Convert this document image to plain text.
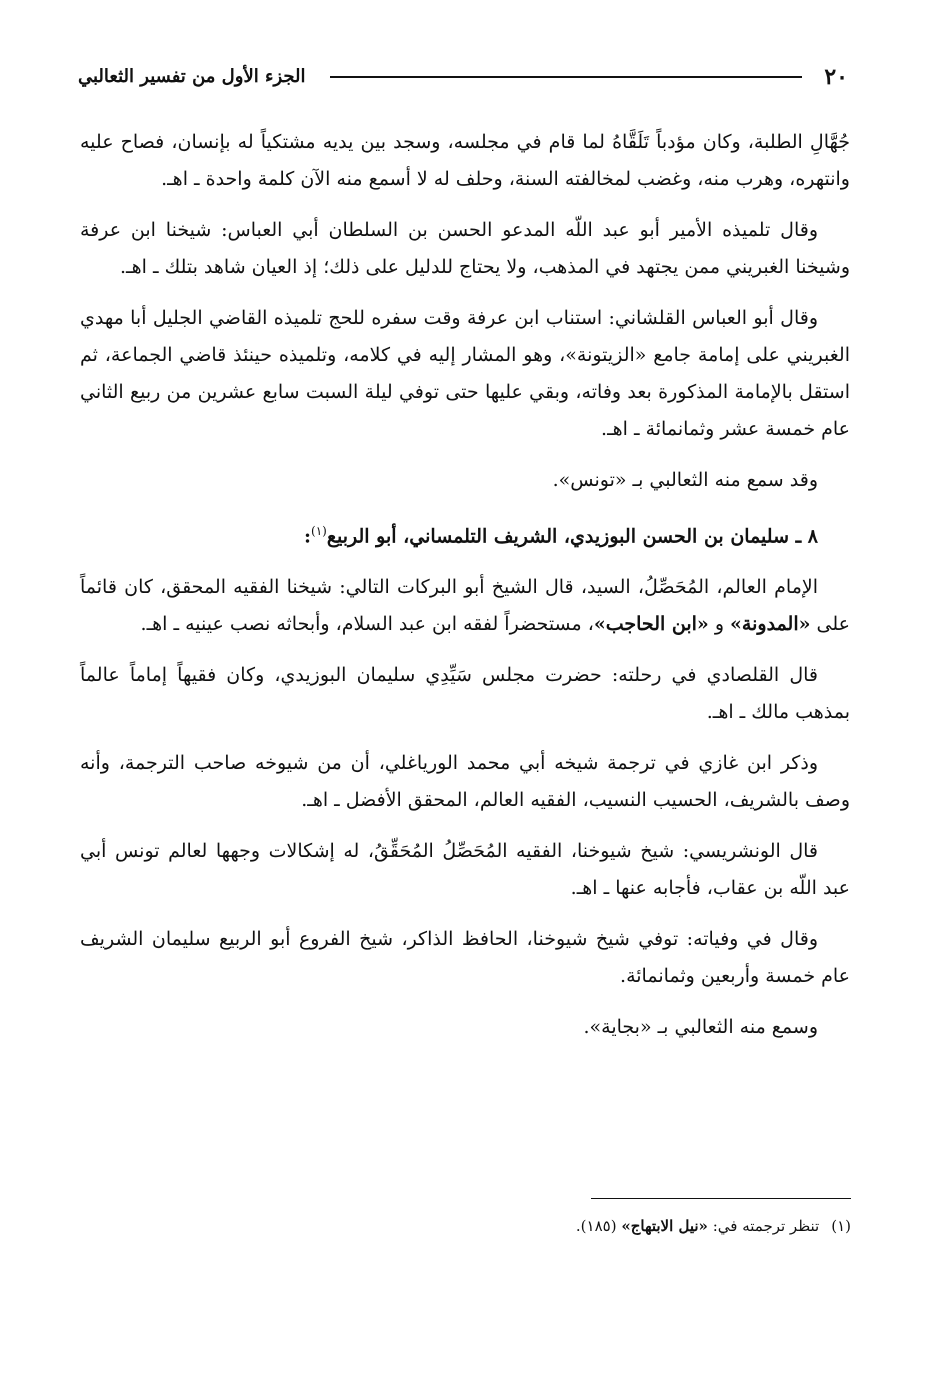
٢٠
الجزء الأول من تفسير الثعالبي

جُهَّالِ الطلبة، وكان مؤدباً تَلَقَّاهُ لما قام في مجلسه، وسجد بين يديه مشتكياً له بإنسان، فصاح عليه وانتهره، وهرب منه، وغضب لمخالفته السنة، وحلف له لا أسمع منه الآن كلمة واحدة ـ اهـ.

وقال تلميذه الأمير أبو عبد اللّه المدعو الحسن بن السلطان أبي العباس: شيخنا ابن عرفة وشيخنا الغبريني ممن يجتهد في المذهب، ولا يحتاج للدليل على ذلك؛ إذ العيان شاهد بتلك ـ اهـ.

وقال أبو العباس القلشاني: استناب ابن عرفة وقت سفره للحج تلميذه القاضي الجليل أبا مهدي الغبريني على إمامة جامع «الزيتونة»، وهو المشار إليه في كلامه، وتلميذه حينئذ قاضي الجماعة، ثم استقل بالإمامة المذكورة بعد وفاته، وبقي عليها حتى توفي ليلة السبت سابع عشرين من ربيع الثاني عام خمسة عشر وثمانمائة ـ اهـ.

وقد سمع منه الثعالبي بـ «تونس».

٨ ـ سليمان بن الحسن البوزيدي، الشريف التلمساني، أبو الربيع$^{(١)}$:

الإمام العالم، المُحَصِّلُ، السيد، قال الشيخ أبو البركات التالي: شيخنا الفقيه المحقق، كان قائماً على «المدونة» و «ابن الحاجب»، مستحضراً لفقه ابن عبد السلام، وأبحاثه نصب عينيه ـ اهـ.

قال القلصادي في رحلته: حضرت مجلس سَيِّدِي سليمان البوزيدي، وكان فقيهاً إماماً عالماً بمذهب مالك ـ اهـ.

وذكر ابن غازي في ترجمة شيخه أبي محمد الورياغلي، أن من شيوخه صاحب الترجمة، وأنه وصف بالشريف، الحسيب النسيب، الفقيه العالم، المحقق الأفضل ـ اهـ.

قال الونشريسي: شيخ شيوخنا، الفقيه المُحَصِّلُ المُحَقِّقُ، له إشكالات وجهها لعالم تونس أبي عبد اللّه بن عقاب، فأجابه عنها ـ اهـ.

وقال في وفياته: توفي شيخ شيوخنا، الحافظ الذاكر، شيخ الفروع أبو الربيع سليمان الشريف عام خمسة وأربعين وثمانمائة.

وسمع منه الثعالبي بـ «بجاية».

(١)تنظر ترجمته في: «نيل الابتهاج» (١٨٥).
